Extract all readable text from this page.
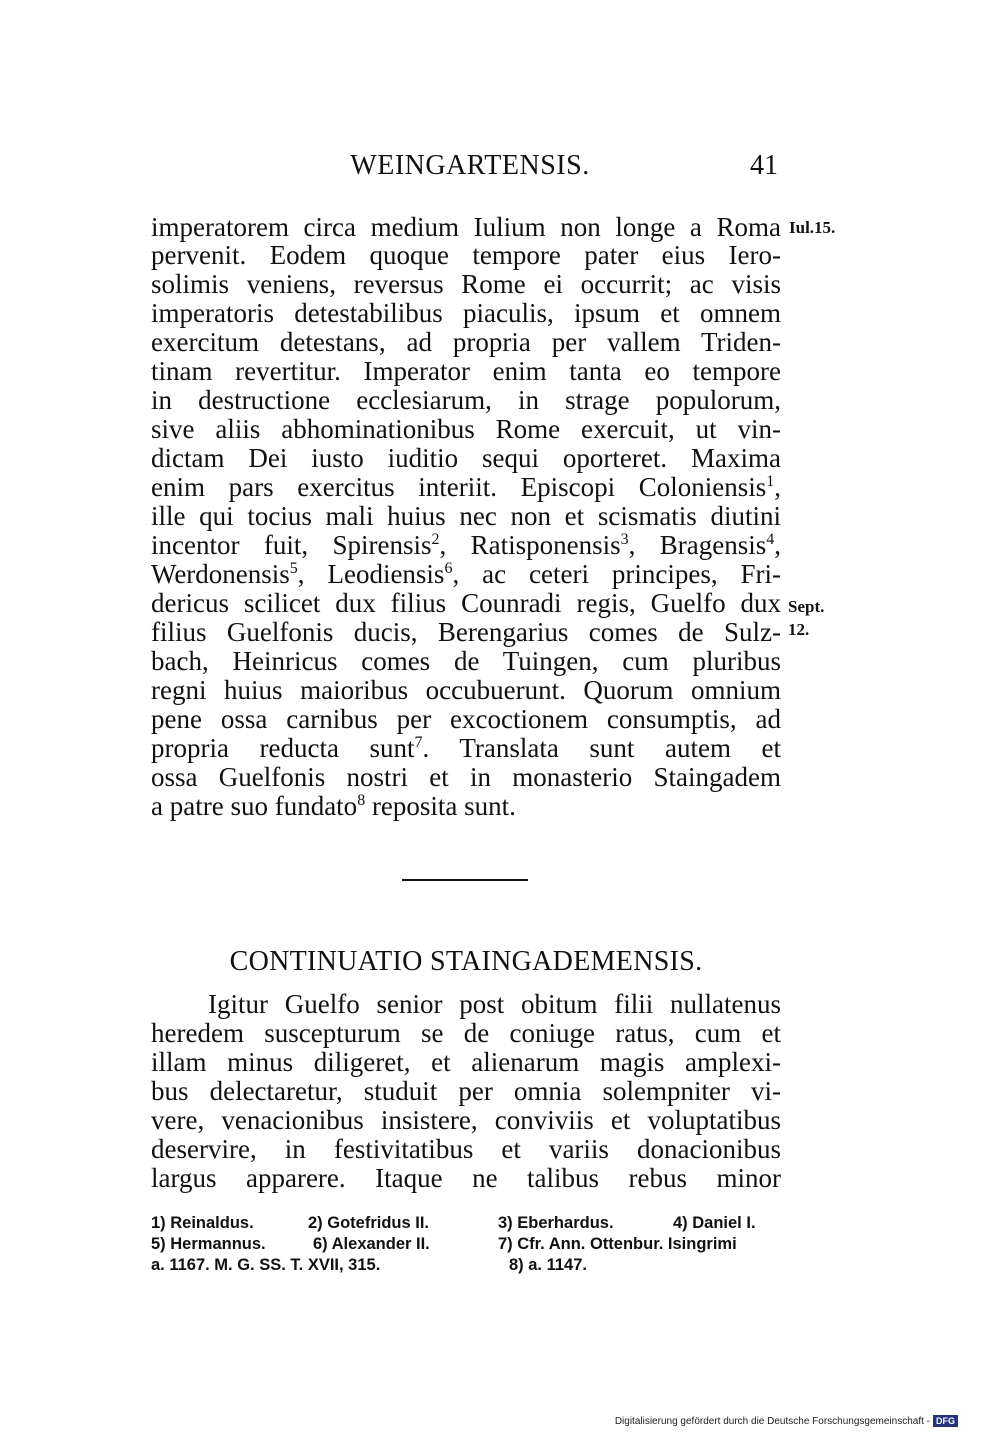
WEINGARTENSIS.	41
Iul.15.
Sept.
12.
imperatorem circa medium Iulium non longe a Roma
pervenit. Eodem quoque tempore pater eius Iero-
solimis veniens, reversus Rome ei occurrit; ac visis
imperatoris detestabilibus piaculis, ipsum et omnem
exercitum detestans, ad propria per vallem Triden-
tinam revertitur. Imperator enim tanta eo tempore
in destructione ecclesiarum, in strage populorum,
sive aliis abhominationibus Rome exercuit, ut vin-
dictam Dei iusto iuditio sequi oporteret. Maxima
enim pars exercitus interiit. Episcopi Coloniensis$^1$,
ille qui tocius mali huius nec non et scismatis diutini
incentor fuit, Spirensis$^2$, Ratisponensis$^3$, Bragensis$^4$,
Werdonensis$^5$, Leodiensis$^6$, ac ceteri principes, Fri-
dericus scilicet dux filius Counradi regis, Guelfo dux
filius Guelfonis ducis, Berengarius comes de Sulz-
bach, Heinricus comes de Tuingen, cum pluribus
regni huius maioribus occubuerunt. Quorum omnium
pene ossa carnibus per excoctionem consumptis, ad
propria reducta sunt$^7$. Translata sunt autem et
ossa Guelfonis nostri et in monasterio Staingadem
a patre suo fundato$^8$ reposita sunt.
CONTINUATIO STAINGADEMENSIS.
Igitur Guelfo senior post obitum filii nullatenus
heredem suscepturum se de coniuge ratus, cum et
illam minus diligeret, et alienarum magis amplexi-
bus delectaretur, studuit per omnia solempniter vi-
vere, venacionibus insistere, conviviis et voluptatibus
deservire, in festivitatibus et variis donacionibus
largus apparere. Itaque ne talibus rebus minor
1) Reinaldus.	2) Gotefridus II.	3) Eberhardus.	4) Daniel I.
5) Hermannus.	6) Alexander II.	7) Cfr. Ann. Ottenbur. Isingrimi
a. 1167. M. G. SS. T. XVII, 315.	8) a. 1147.
Digitalisierung gefördert durch die Deutsche Forschungsgemeinschaft - DFG
